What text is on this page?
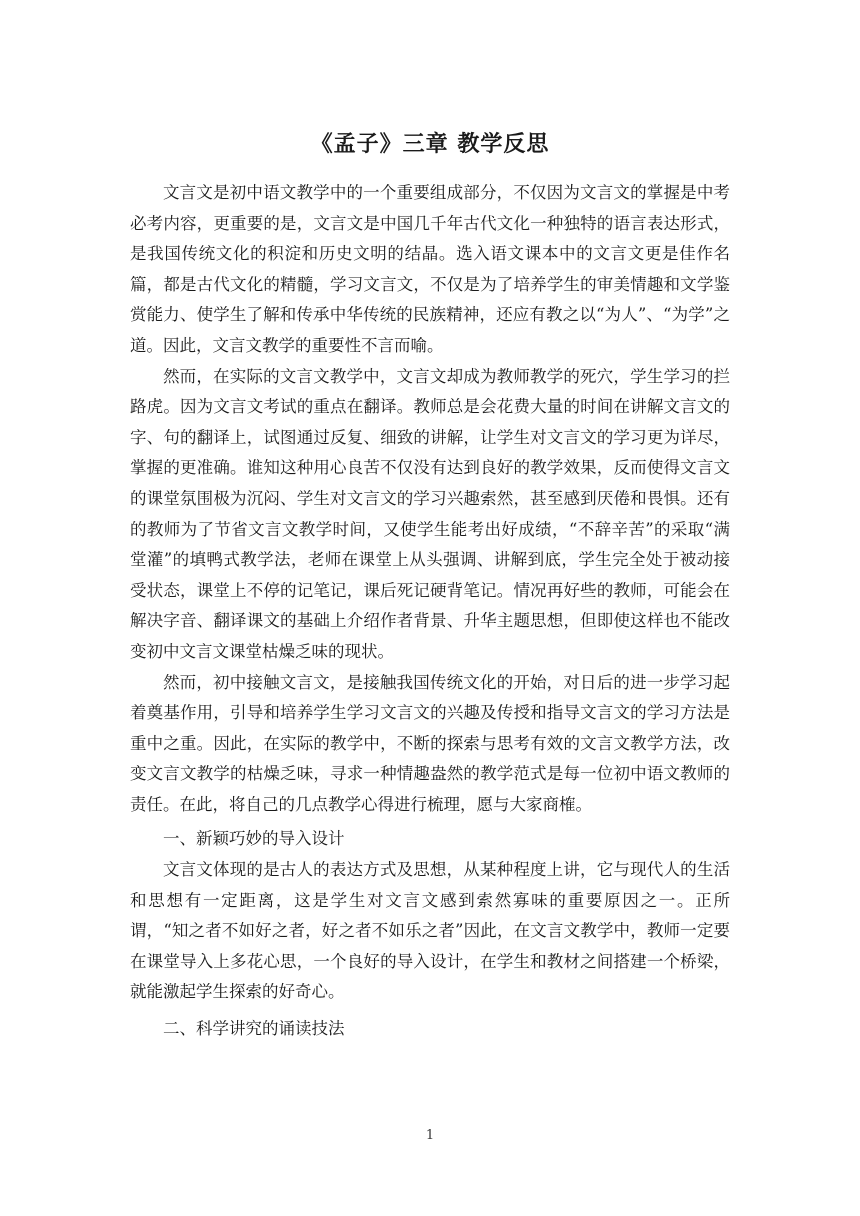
《孟子》三章 教学反思

文言文是初中语文教学中的一个重要组成部分，不仅因为文言文的掌握是中考必考内容，更重要的是，文言文是中国几千年古代文化一种独特的语言表达形式，是我国传统文化的积淀和历史文明的结晶。选入语文课本中的文言文更是佳作名篇，都是古代文化的精髓，学习文言文，不仅是为了培养学生的审美情趣和文学鉴赏能力、使学生了解和传承中华传统的民族精神，还应有教之以“为人”、“为学”之道。因此，文言文教学的重要性不言而喻。

然而，在实际的文言文教学中，文言文却成为教师教学的死穴，学生学习的拦路虎。因为文言文考试的重点在翻译。教师总是会花费大量的时间在讲解文言文的字、句的翻译上，试图通过反复、细致的讲解，让学生对文言文的学习更为详尽，掌握的更准确。谁知这种用心良苦不仅没有达到良好的教学效果，反而使得文言文的课堂氛围极为沉闷、学生对文言文的学习兴趣索然，甚至感到厌倦和畏惧。还有的教师为了节省文言文教学时间，又使学生能考出好成绩，“不辞辛苦”的采取“满堂灌”的填鸭式教学法，老师在课堂上从头强调、讲解到底，学生完全处于被动接受状态，课堂上不停的记笔记，课后死记硬背笔记。情况再好些的教师，可能会在解决字音、翻译课文的基础上介绍作者背景、升华主题思想，但即使这样也不能改变初中文言文课堂枯燥乏味的现状。

然而，初中接触文言文，是接触我国传统文化的开始，对日后的进一步学习起着奠基作用，引导和培养学生学习文言文的兴趣及传授和指导文言文的学习方法是重中之重。因此，在实际的教学中，不断的探索与思考有效的文言文教学方法，改变文言文教学的枯燥乏味，寻求一种情趣盎然的教学范式是每一位初中语文教师的责任。在此，将自己的几点教学心得进行梳理，愿与大家商榷。

一、新颖巧妙的导入设计

文言文体现的是古人的表达方式及思想，从某种程度上讲，它与现代人的生活和思想有一定距离，这是学生对文言文感到索然寡味的重要原因之一。正所谓，“知之者不如好之者，好之者不如乐之者”因此，在文言文教学中，教师一定要在课堂导入上多花心思，一个良好的导入设计，在学生和教材之间搭建一个桥梁，就能激起学生探索的好奇心。

二、科学讲究的诵读技法

1
